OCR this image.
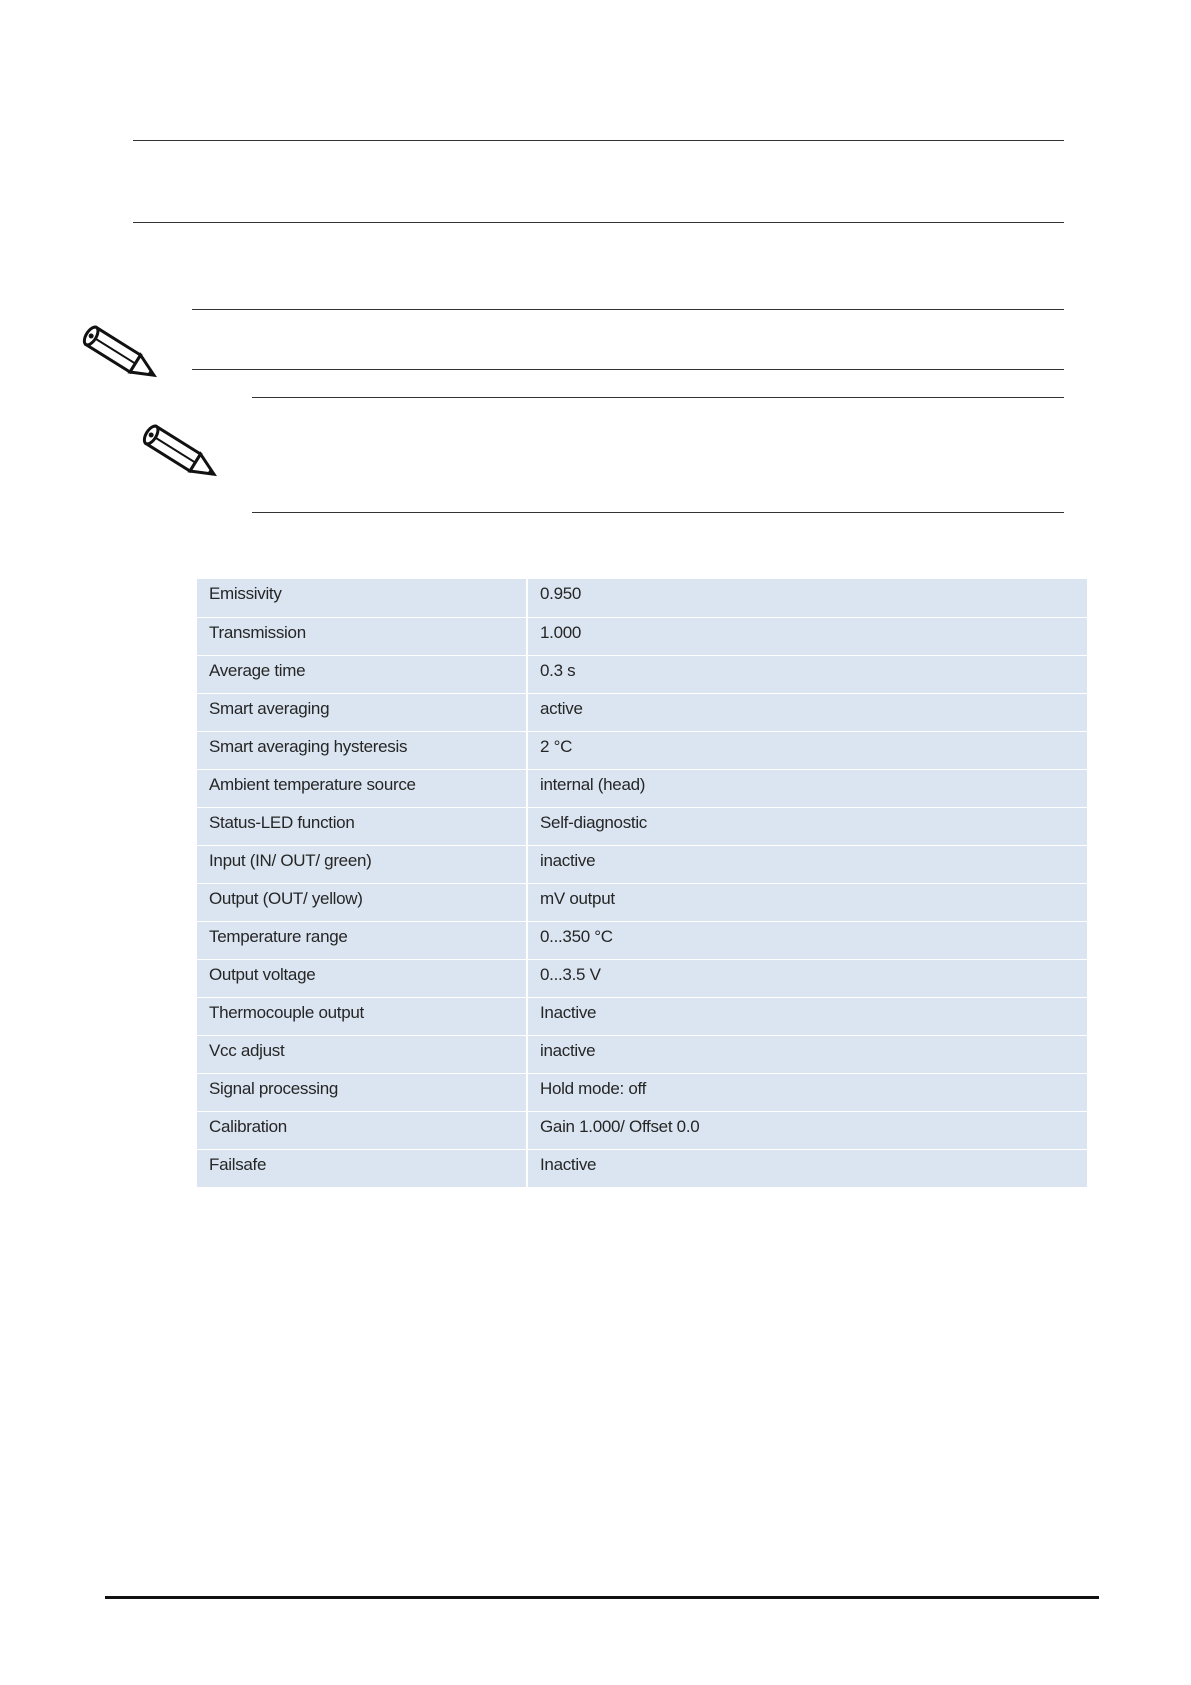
Emissivity	0.950
Transmission	1.000
Average time	0.3 s
Smart averaging	active
Smart averaging hysteresis	2 °C
Ambient temperature source	internal (head)
Status-LED function	Self-diagnostic
Input (IN/ OUT/ green)	inactive
Output (OUT/ yellow)	mV output
Temperature range	0...350 °C
Output voltage	0...3.5 V
Thermocouple output	Inactive
Vcc adjust	inactive
Signal processing	Hold mode: off
Calibration	Gain 1.000/ Offset 0.0
Failsafe	Inactive
